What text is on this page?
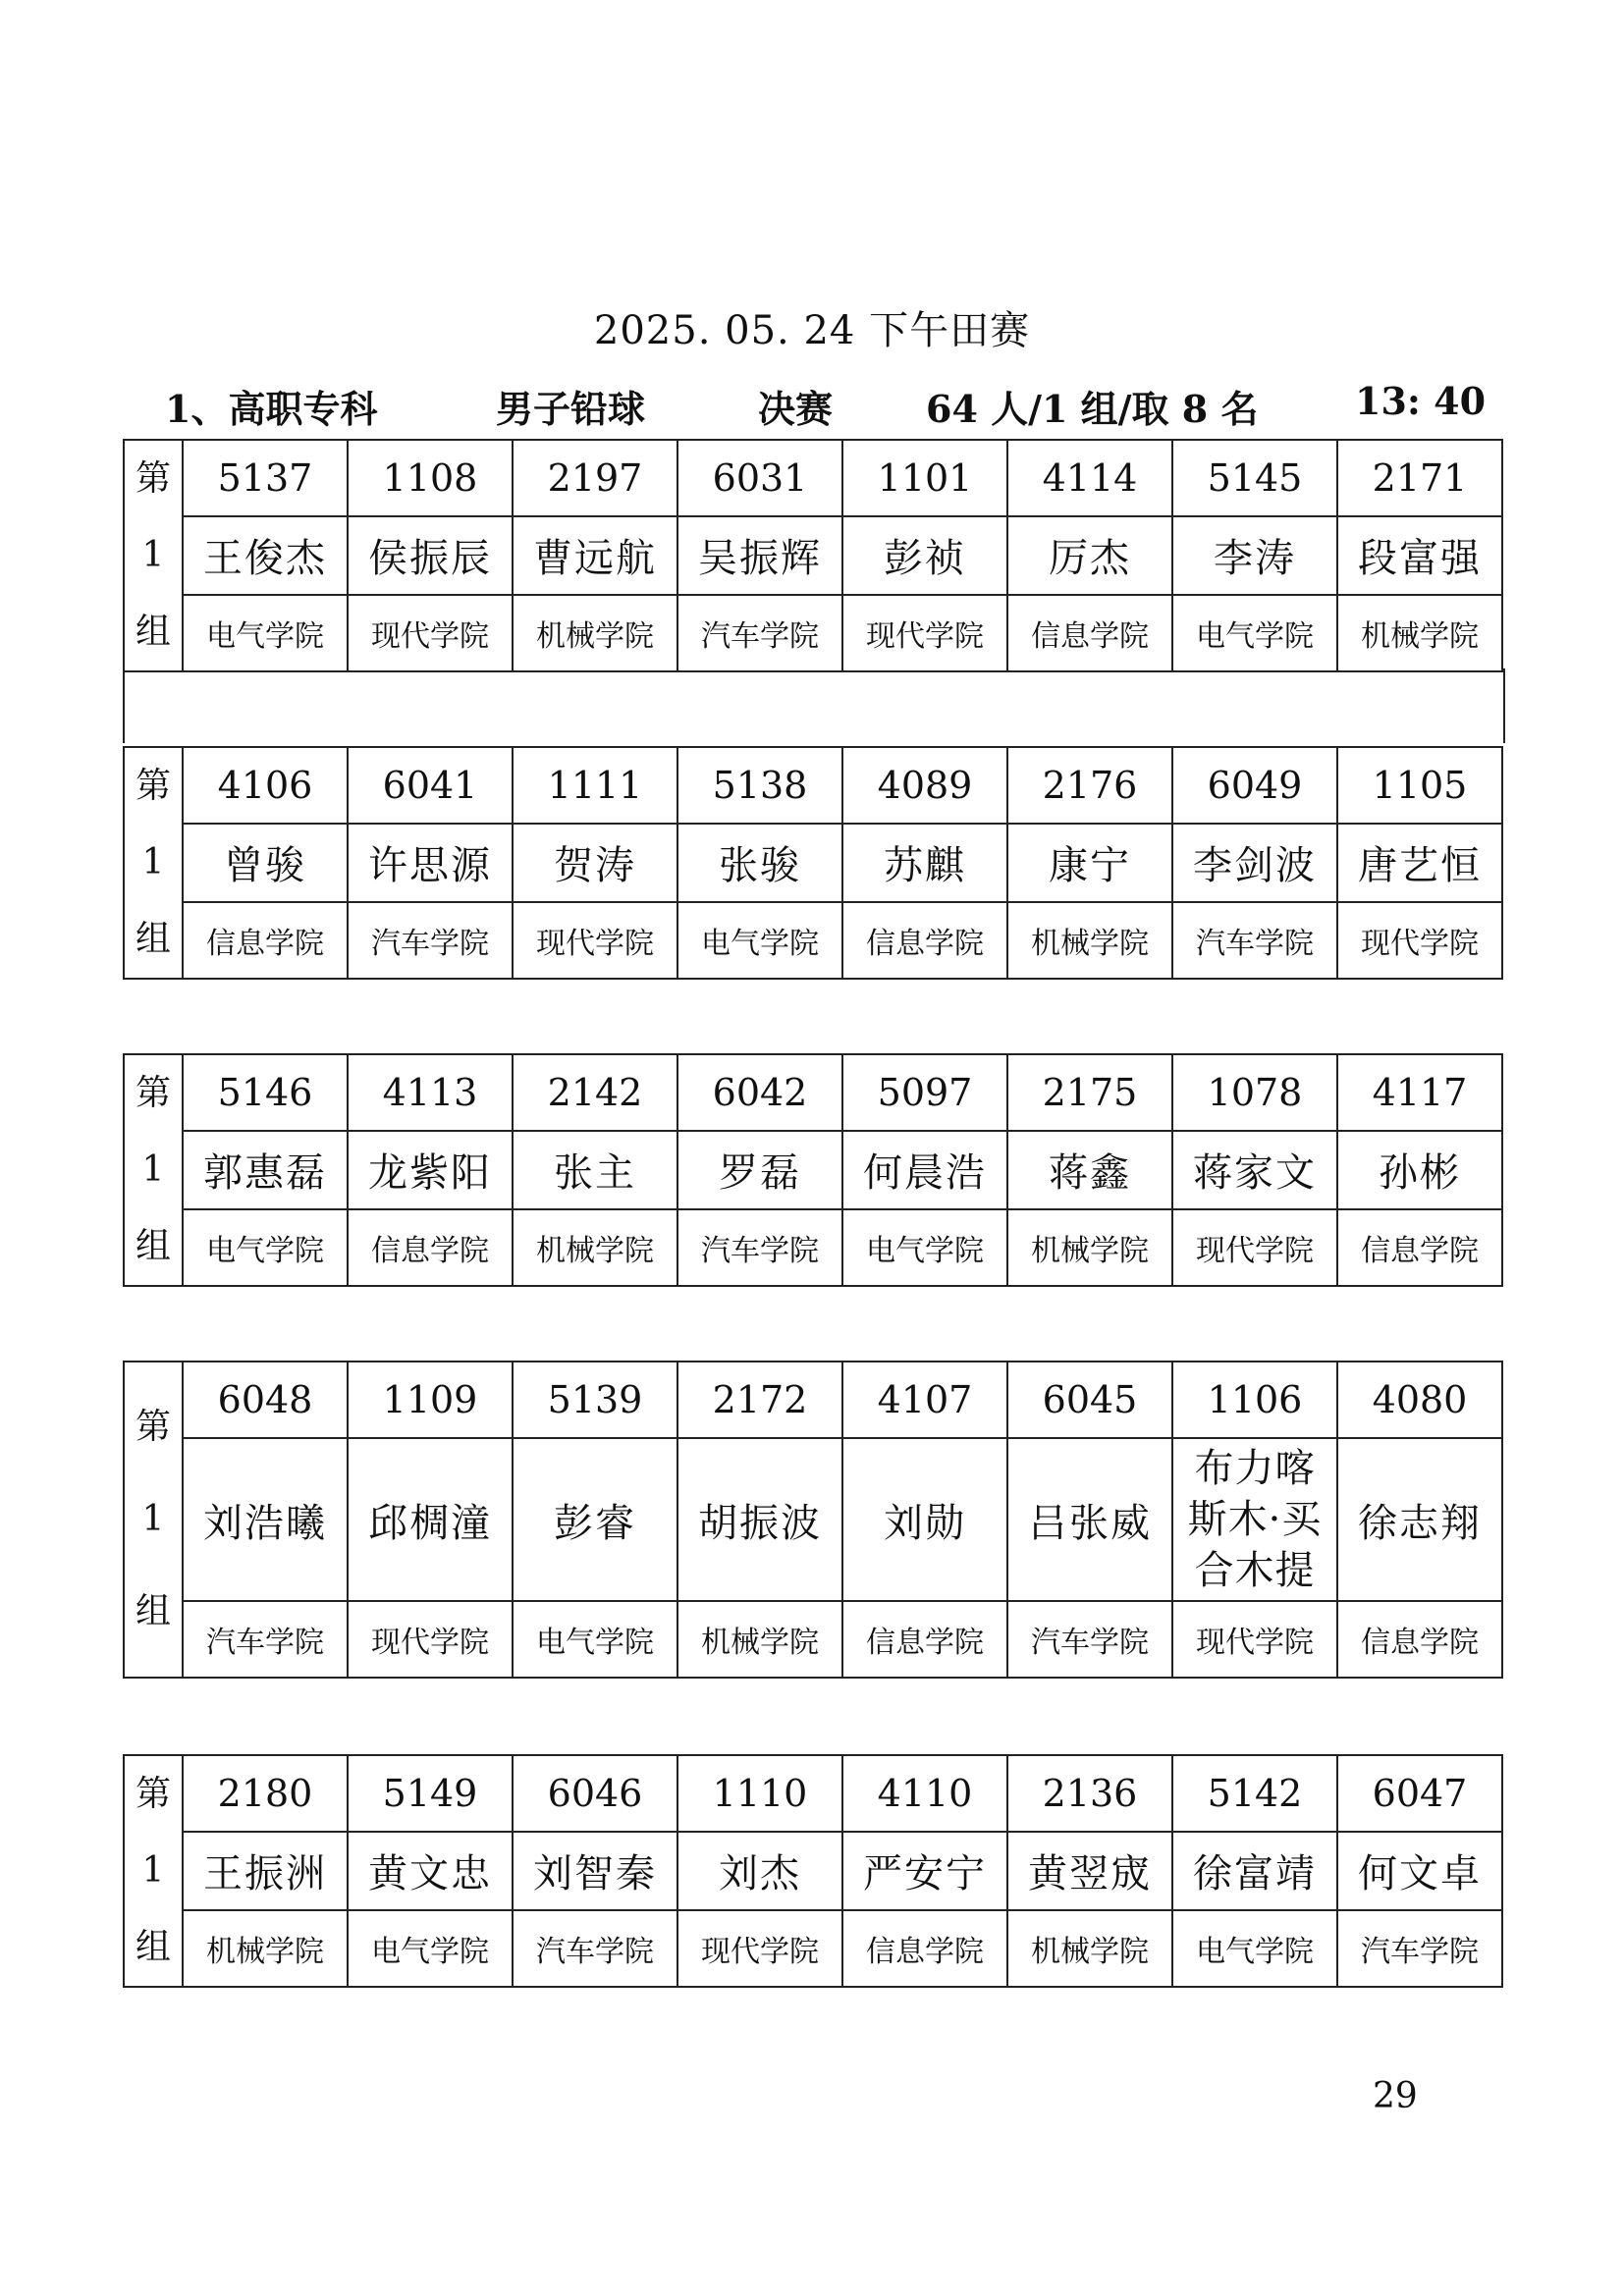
2025. 05. 24 下午田赛
1、高职专科	男子铅球	决赛 64 人/1 组/取 8 名	13: 40
第
1
组	5137	1108	2197	6031	1101	4114	5145	2171
	王俊杰	侯振辰	曹远航	吴振辉	彭祯	厉杰	李涛	段富强
	电气学院	现代学院	机械学院	汽车学院	现代学院	信息学院	电气学院	机械学院
第
1
组	4106	6041	1111	5138	4089	2176	6049	1105
	曾骏	许思源	贺涛	张骏	苏麒	康宁	李剑波	唐艺恒
	信息学院	汽车学院	现代学院	电气学院	信息学院	机械学院	汽车学院	现代学院
第
1
组	5146	4113	2142	6042	5097	2175	1078	4117
	郭惠磊	龙紫阳	张主	罗磊	何晨浩	蒋鑫	蒋家文	孙彬
	电气学院	信息学院	机械学院	汽车学院	电气学院	机械学院	现代学院	信息学院
第
1
组	6048	1109	5139	2172	4107	6045	1106	4080
	刘浩曦	邱椆潼	彭睿	胡振波	刘勋	吕张威	布力喀
斯木·买
合木提	徐志翔
	汽车学院	现代学院	电气学院	机械学院	信息学院	汽车学院	现代学院	信息学院
第
1
组	2180	5149	6046	1110	4110	2136	5142	6047
	王振洲	黄文忠	刘智秦	刘杰	严安宁	黄翌宬	徐富靖	何文卓
	机械学院	电气学院	汽车学院	现代学院	信息学院	机械学院	电气学院	汽车学院
29
